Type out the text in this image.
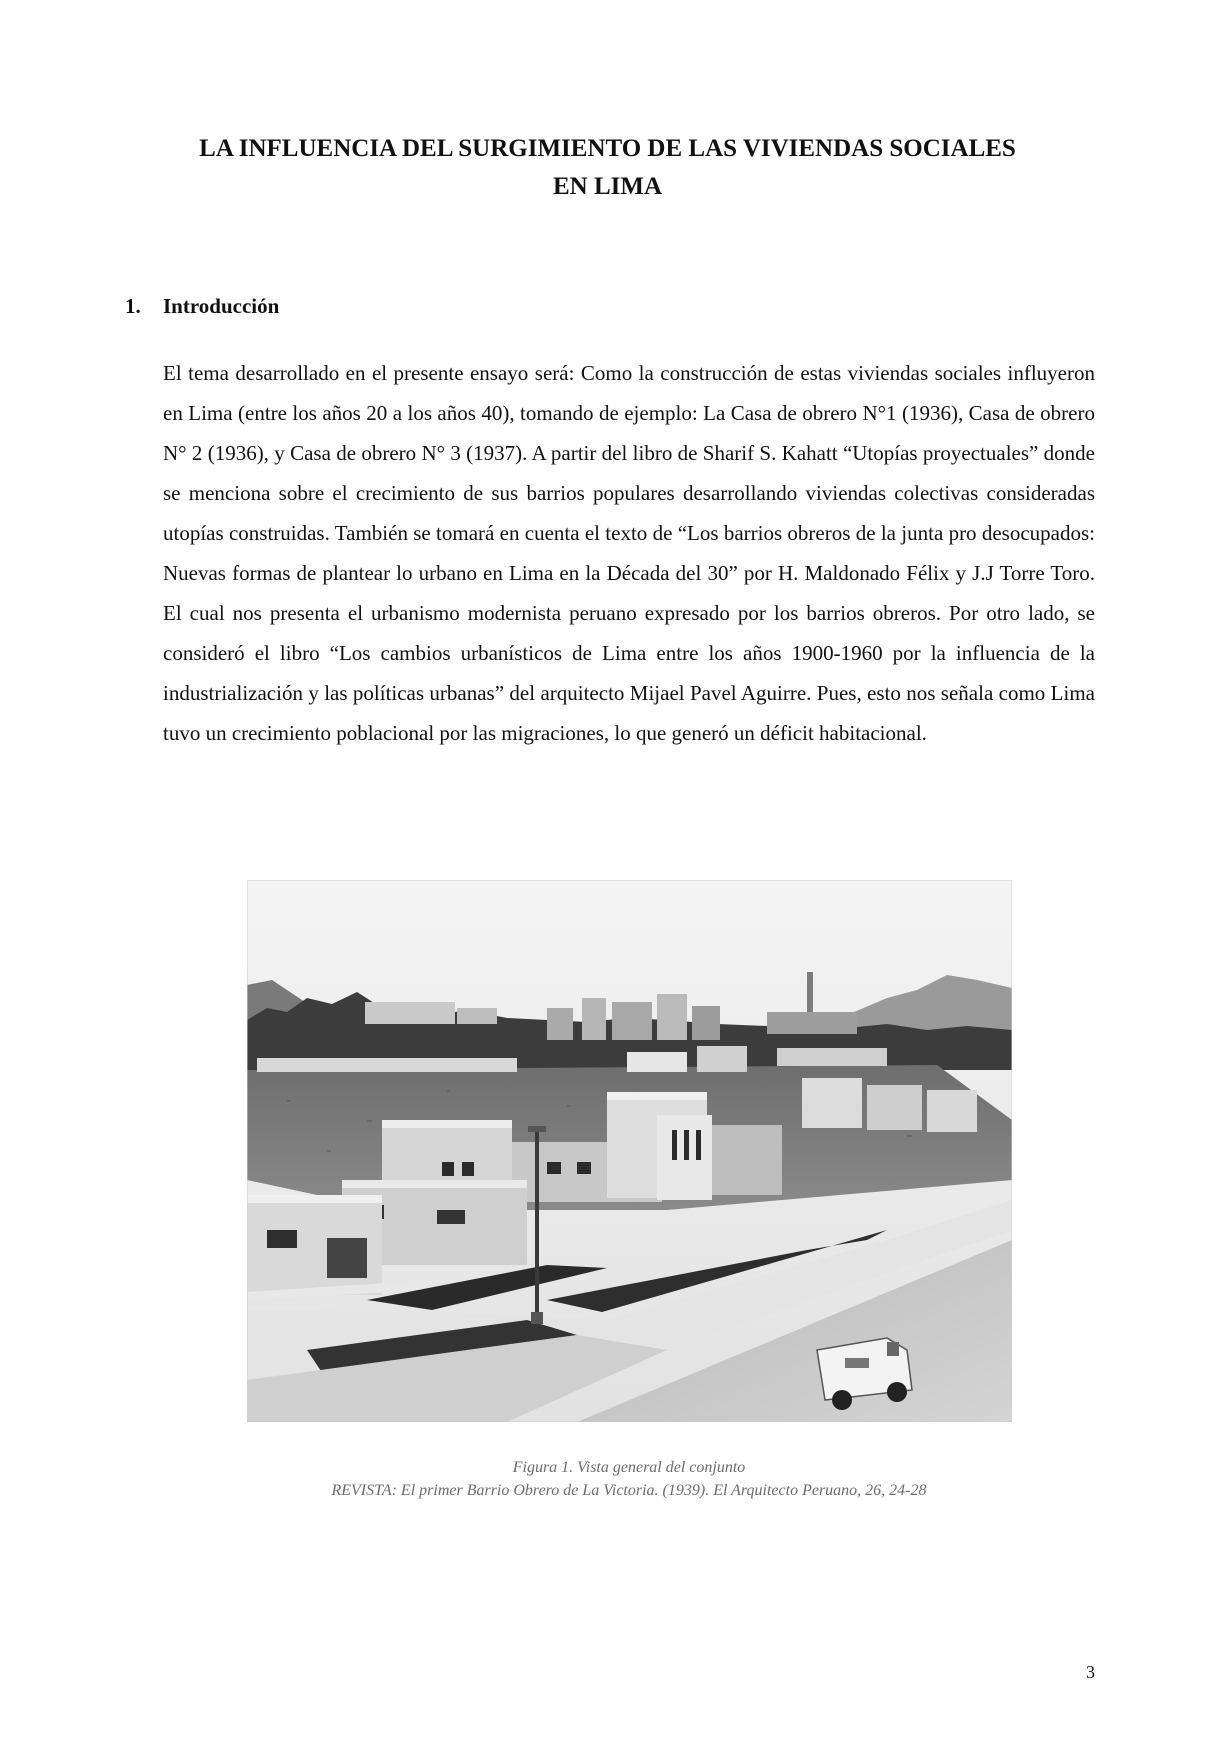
LA INFLUENCIA DEL SURGIMIENTO DE LAS VIVIENDAS SOCIALES
EN LIMA
1.	Introducción

El tema desarrollado en el presente ensayo será: Como la construcción de estas viviendas sociales influyeron en Lima (entre los años 20 a los años 40), tomando de ejemplo: La Casa de obrero N°1 (1936), Casa de obrero N° 2 (1936), y Casa de obrero N° 3 (1937). A partir del libro de Sharif S. Kahatt “Utopías proyectuales” donde se menciona sobre el crecimiento de sus barrios populares desarrollando viviendas colectivas consideradas utopías construidas. También se tomará en cuenta el texto de “Los barrios obreros de la junta pro desocupados: Nuevas formas de plantear lo urbano en Lima en la Década del 30” por H. Maldonado Félix y J.J Torre Toro. El cual nos presenta el urbanismo modernista peruano expresado por los barrios obreros. Por otro lado, se consideró el libro “Los cambios urbanísticos de Lima entre los años 1900-1960 por la influencia de la industrialización y las políticas urbanas” del arquitecto Mijael Pavel Aguirre. Pues, esto nos señala como Lima tuvo un crecimiento poblacional por las migraciones, lo que generó un déficit habitacional.

Figura 1. Vista general del conjunto
REVISTA: El primer Barrio Obrero de La Victoria. (1939). El Arquitecto Peruano, 26, 24-28

3
